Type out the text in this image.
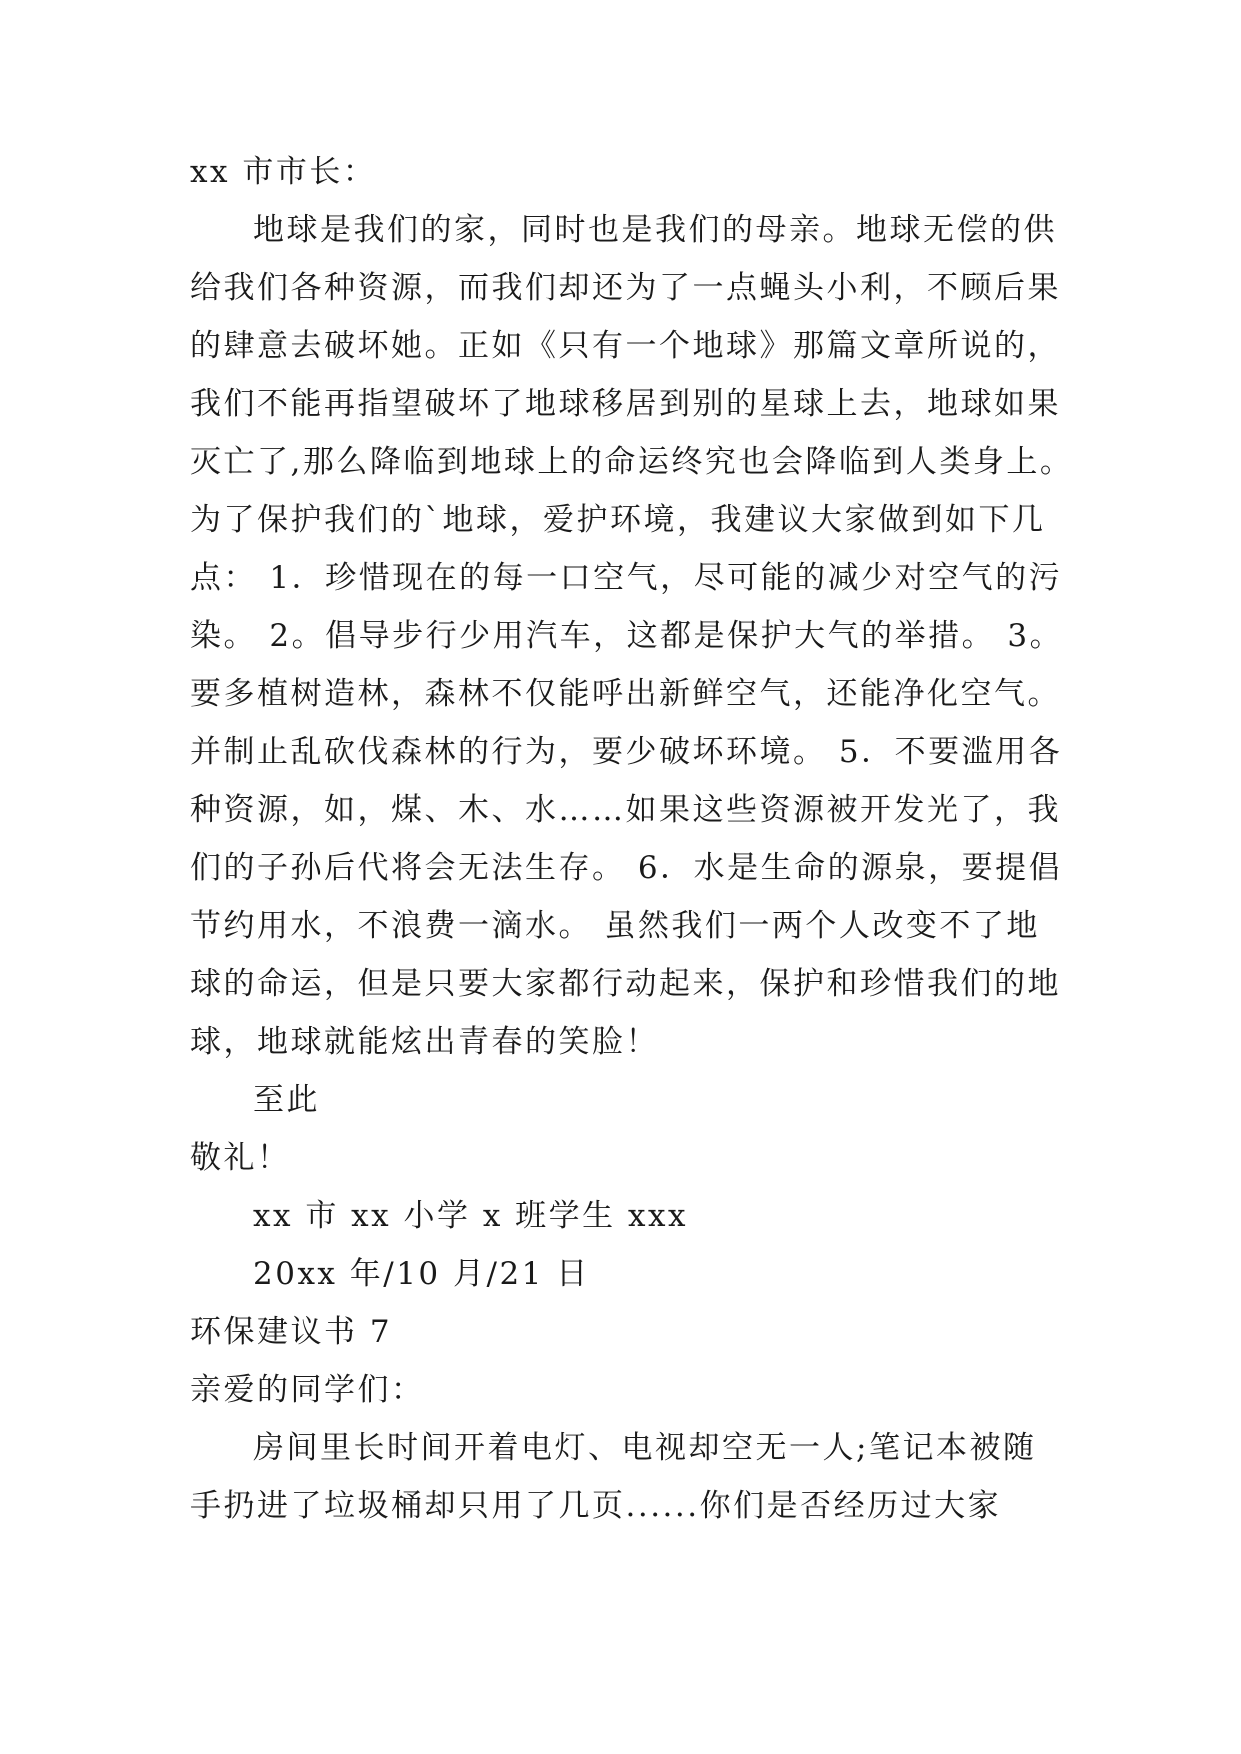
xx 市市长：
地球是我们的家，同时也是我们的母亲。地球无偿的供
给我们各种资源，而我们却还为了一点蝇头小利，不顾后果
的肆意去破坏她。正如《只有一个地球》那篇文章所说的，
我们不能再指望破坏了地球移居到别的星球上去，地球如果
灭亡了,那么降临到地球上的命运终究也会降临到人类身上。
为了保护我们的`地球，爱护环境，我建议大家做到如下几
点： 1．珍惜现在的每一口空气，尽可能的减少对空气的污
染。 2。倡导步行少用汽车，这都是保护大气的举措。 3。
要多植树造林，森林不仅能呼出新鲜空气，还能净化空气。
并制止乱砍伐森林的行为，要少破坏环境。 5．不要滥用各
种资源，如，煤、木、水……如果这些资源被开发光了，我
们的子孙后代将会无法生存。 6．水是生命的源泉，要提倡
节约用水，不浪费一滴水。 虽然我们一两个人改变不了地
球的命运，但是只要大家都行动起来，保护和珍惜我们的地
球，地球就能炫出青春的笑脸！
至此
敬礼！
xx 市 xx 小学 x 班学生 xxx
20xx 年/10 月/21 日
环保建议书 7
亲爱的同学们：
房间里长时间开着电灯、电视却空无一人;笔记本被随
手扔进了垃圾桶却只用了几页......你们是否经历过大家
